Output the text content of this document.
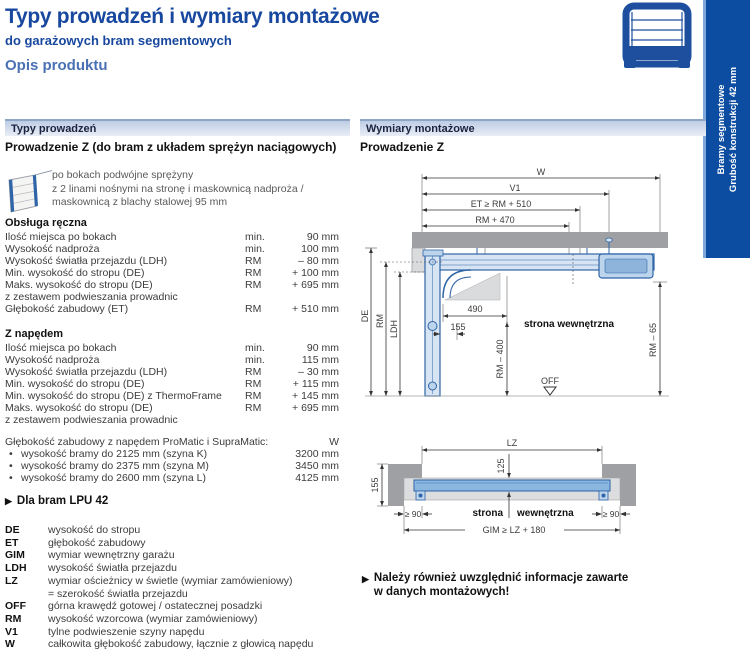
Typy prowadzeń i wymiary montażowe
do garażowych bram segmentowych
Opis produktu
Bramy segmentowe Grubość konstrukcji 42 mm
Typy prowadzeń
Prowadzenie Z (do bram z układem sprężyn naciągowych)
po bokach podwójne sprężyny
z 2 linami nośnymi na stronę i maskownicą nadproża /
maskownicą z blachy stalowej 95 mm
Obsługa ręczna
Ilość miejsca po bokach	min.	90 mm
Wysokość nadproża	min.	100 mm
Wysokość światła przejazdu (LDH)	RM	– 80 mm
Min. wysokość do stropu (DE)	RM	+ 100 mm
Maks. wysokość do stropu (DE)	RM	+ 695 mm
z zestawem podwieszania prowadnic
Głębokość zabudowy (ET)	RM	+ 510 mm
Z napędem
Ilość miejsca po bokach	min.	90 mm
Wysokość nadproża	min.	115 mm
Wysokość światła przejazdu (LDH)	RM	– 30 mm
Min. wysokość do stropu (DE)	RM	+ 115 mm
Min. wysokość do stropu (DE) z ThermoFrame	RM	+ 145 mm
Maks. wysokość do stropu (DE)	RM	+ 695 mm
z zestawem podwieszania prowadnic
Głębokość zabudowy z napędem ProMatic i SupraMatic:	W
• wysokość bramy do 2125 mm (szyna K)	3200 mm
• wysokość bramy do 2375 mm (szyna M)	3450 mm
• wysokość bramy do 2600 mm (szyna L)	4125 mm
▶ Dla bram LPU 42
DE	wysokość do stropu
ET	głębokość zabudowy
GIM	wymiar wewnętrzny garażu
LDH	wysokość światła przejazdu
LZ	wymiar ościeżnicy w świetle (wymiar zamówieniowy)
= szerokość światła przejazdu
OFF	górna krawędź gotowej / ostatecznej posadzki
RM	wysokość wzorcowa (wymiar zamówieniowy)
V1	tylne podwieszenie szyny napędu
W	całkowita głębokość zabudowy, łącznie z głowicą napędu
Wymiary montażowe
Prowadzenie Z
W
V1
ET ≥ RM + 510
RM + 470
DE RM LDH
490
155
RM – 400	RM – 65
strona wewnętrzna
OFF
LZ
125
155
≥ 90	≥ 90
strona wewnętrzna
GIM ≥ LZ + 180
▶ Należy również uwzględnić informacje zawarte
w danych montażowych!
